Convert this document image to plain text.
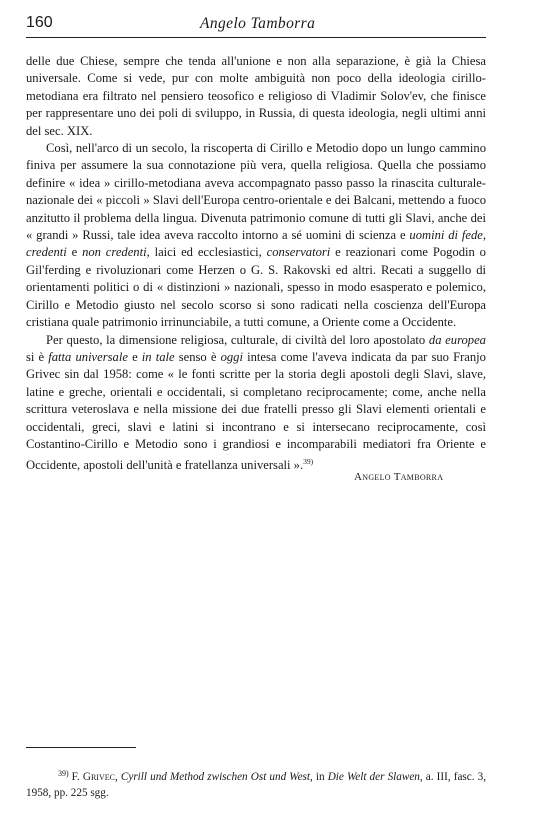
160	Angelo Tamborra

delle due Chiese, sempre che tenda all'unione e non alla separazione, è già la Chiesa universale. Come si vede, pur con molte ambiguità non poco della ideologia cirillo-metodiana era filtrato nel pensiero teosofico e religioso di Vladimir Solov'ev, che finisce per rappresentare uno dei poli di sviluppo, in Russia, di questa ideologia, negli ultimi anni del sec. XIX.

Così, nell'arco di un secolo, la riscoperta di Cirillo e Metodio dopo un lungo cammino finiva per assumere la sua connotazione più vera, quella religiosa. Quella che possiamo definire « idea » cirillo-metodiana aveva accompagnato passo passo la rinascita culturale-nazionale dei « piccoli » Slavi dell'Europa centro-orientale e dei Balcani, mettendo a fuoco anzitutto il problema della lingua. Divenuta patrimonio comune di tutti gli Slavi, anche dei « grandi » Russi, tale idea aveva raccolto intorno a sé uomini di scienza e uomini di fede, credenti e non credenti, laici ed ecclesiastici, conservatori e reazionari come Pogodin o Gil'ferding e rivoluzionari come Herzen o G. S. Rakovski ed altri. Recati a suggello di orientamenti politici o di « distinzioni » nazionali, spesso in modo esasperato e polemico, Cirillo e Metodio giusto nel secolo scorso si sono radicati nella coscienza dell'Europa cristiana quale patrimonio irrinunciabile, a tutti comune, a Oriente come a Occidente.

Per questo, la dimensione religiosa, culturale, di civiltà del loro apostolato da europea si è fatta universale e in tale senso è oggi intesa come l'aveva indicata da par suo Franjo Grivec sin dal 1958: come « le fonti scritte per la storia degli apostoli degli Slavi, slave, latine e greche, orientali e occidentali, si completano reciprocamente; come, anche nella scrittura veteroslava e nella missione dei due fratelli presso gli Slavi elementi orientali e occidentali, greci, slavi e latini si incontrano e si intersecano reciprocamente, così Costantino-Cirillo e Metodio sono i grandiosi e incomparabili mediatori fra Oriente e Occidente, apostoli dell'unità e fratellanza universali ».$^{39)}$

Angelo Tamborra
$^{39)}$ F. Grivec, Cyrill und Method zwischen Ost und West, in Die Welt der Slawen, a. III, fasc. 3, 1958, pp. 225 sgg.
